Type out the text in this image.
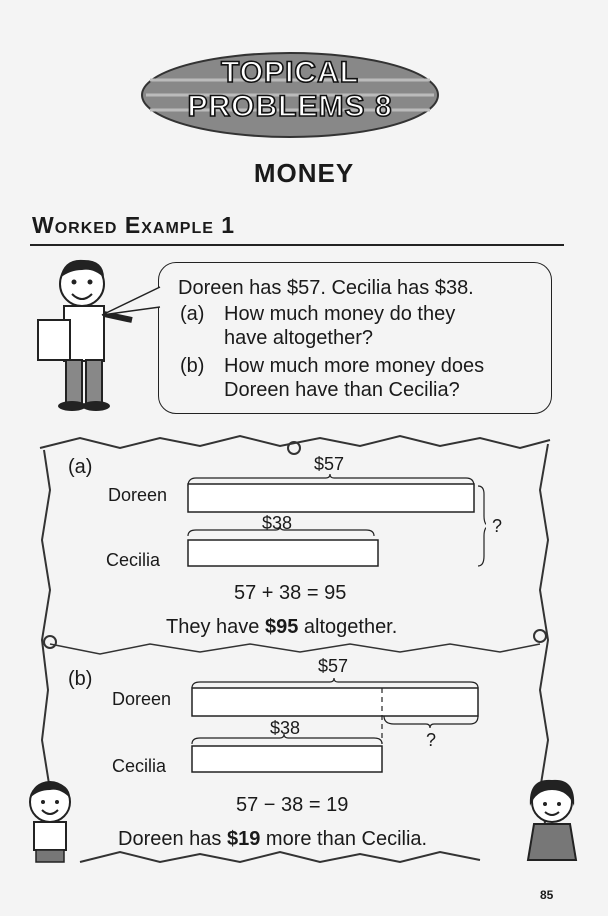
TOPICAL
PROBLEMS 8
MONEY
Worked Example 1
Doreen has $57. Cecilia has $38.
(a) How much money do they
have altogether?
(b) How much more money does
Doreen have than Cecilia?
(a)	$57
Doreen
$38
Cecilia
?
57 + 38 = 95
They have $95 altogether.
(b)
$57
Doreen
$38
?
Cecilia
57 − 38 = 19
Doreen has $19 more than Cecilia.
85
